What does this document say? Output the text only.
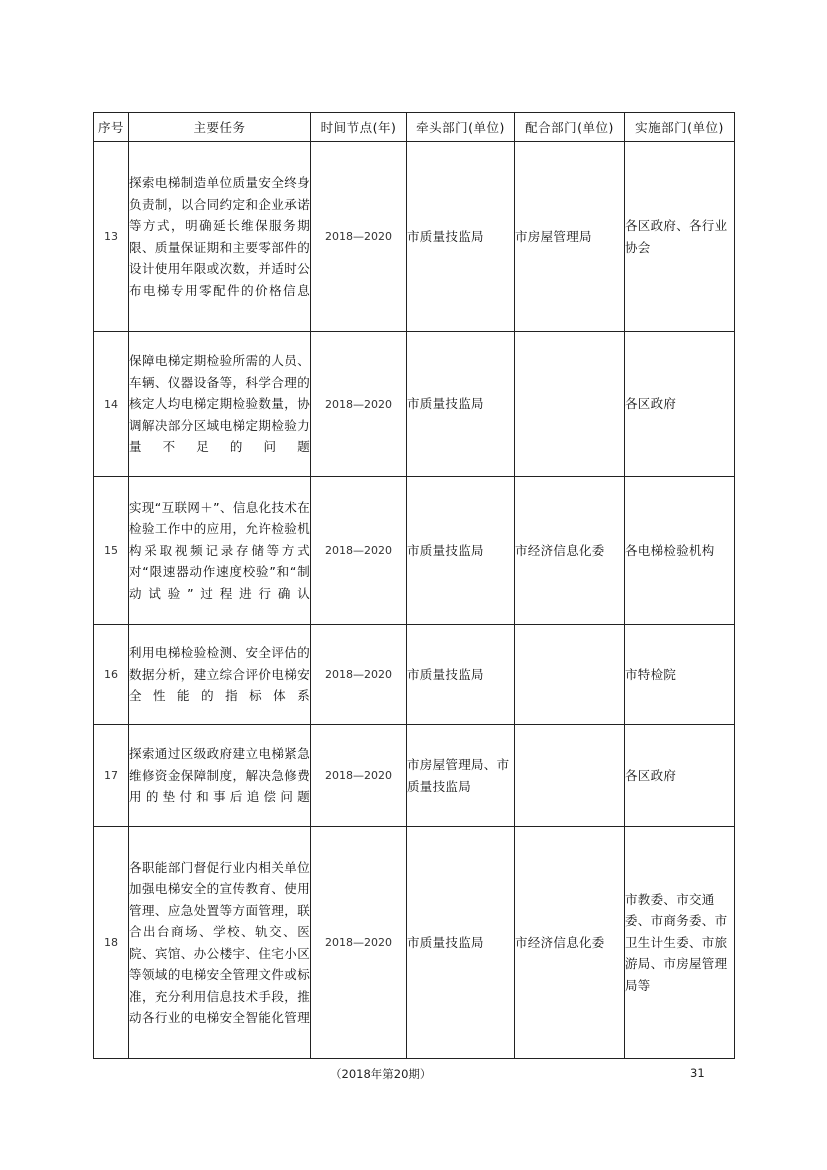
序号	主要任务	时间节点(年)	牵头部门(单位)	配合部门(单位)	实施部门(单位)
13	探索电梯制造单位质量安全终身负责制，以合同约定和企业承诺等方式，明确延长维保服务期限、质量保证期和主要零部件的设计使用年限或次数，并适时公布电梯专用零配件的价格信息	2018—2020	市质量技监局	市房屋管理局	各区政府、各行业协会
14	保障电梯定期检验所需的人员、车辆、仪器设备等，科学合理的核定人均电梯定期检验数量，协调解决部分区域电梯定期检验力量不足的问题	2018—2020	市质量技监局		各区政府
15	实现“互联网＋”、信息化技术在检验工作中的应用，允许检验机构采取视频记录存储等方式对“限速器动作速度校验”和“制动试验”过程进行确认	2018—2020	市质量技监局	市经济信息化委	各电梯检验机构
16	利用电梯检验检测、安全评估的数据分析，建立综合评价电梯安全性能的指标体系	2018—2020	市质量技监局		市特检院
17	探索通过区级政府建立电梯紧急维修资金保障制度，解决急修费用的垫付和事后追偿问题	2018—2020	市房屋管理局、市质量技监局		各区政府
18	各职能部门督促行业内相关单位加强电梯安全的宣传教育、使用管理、应急处置等方面管理，联合出台商场、学校、轨交、医院、宾馆、办公楼宇、住宅小区等领域的电梯安全管理文件或标准，充分利用信息技术手段，推动各行业的电梯安全智能化管理	2018—2020	市质量技监局	市经济信息化委	市教委、市交通委、市商务委、市卫生计生委、市旅游局、市房屋管理局等
（2018年第20期）	31
